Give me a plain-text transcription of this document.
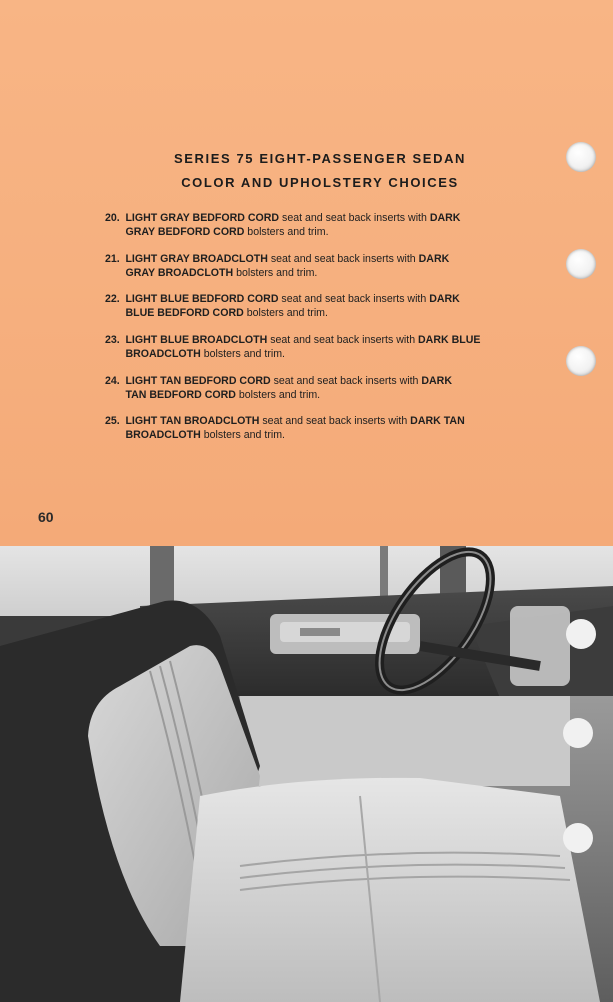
SERIES 75 EIGHT-PASSENGER SEDAN
COLOR AND UPHOLSTERY CHOICES
20. LIGHT GRAY BEDFORD CORD seat and seat back inserts with DARK
GRAY BEDFORD CORD bolsters and trim.
21. LIGHT GRAY BROADCLOTH seat and seat back inserts with DARK
GRAY BROADCLOTH bolsters and trim.
22. LIGHT BLUE BEDFORD CORD seat and seat back inserts with DARK
BLUE BEDFORD CORD bolsters and trim.
23. LIGHT BLUE BROADCLOTH seat and seat back inserts with DARK BLUE
BROADCLOTH bolsters and trim.
24. LIGHT TAN BEDFORD CORD seat and seat back inserts with DARK
TAN BEDFORD CORD bolsters and trim.
25. LIGHT TAN BROADCLOTH seat and seat back inserts with DARK TAN
BROADCLOTH bolsters and trim.
60
